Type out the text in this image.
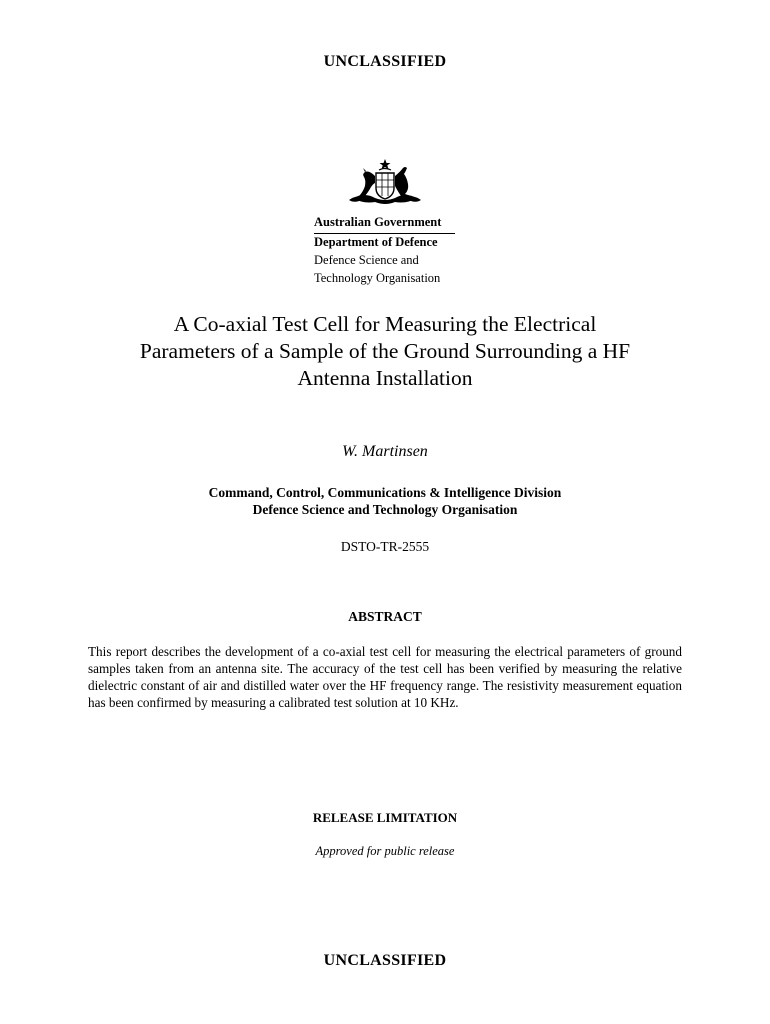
UNCLASSIFIED
Australian Government
Department of Defence
Defence Science and
Technology Organisation
A Co-axial Test Cell for Measuring the Electrical
Parameters of a Sample of the Ground Surrounding a HF
Antenna Installation
W. Martinsen
Command, Control, Communications & Intelligence Division
Defence Science and Technology Organisation
DSTO-TR-2555
ABSTRACT
This report describes the development of a co-axial test cell for measuring the electrical parameters of ground samples taken from an antenna site. The accuracy of the test cell has been verified by measuring the relative dielectric constant of air and distilled water over the HF frequency range. The resistivity measurement equation has been confirmed by measuring a calibrated test solution at 10 KHz.
RELEASE LIMITATION
Approved for public release
UNCLASSIFIED
